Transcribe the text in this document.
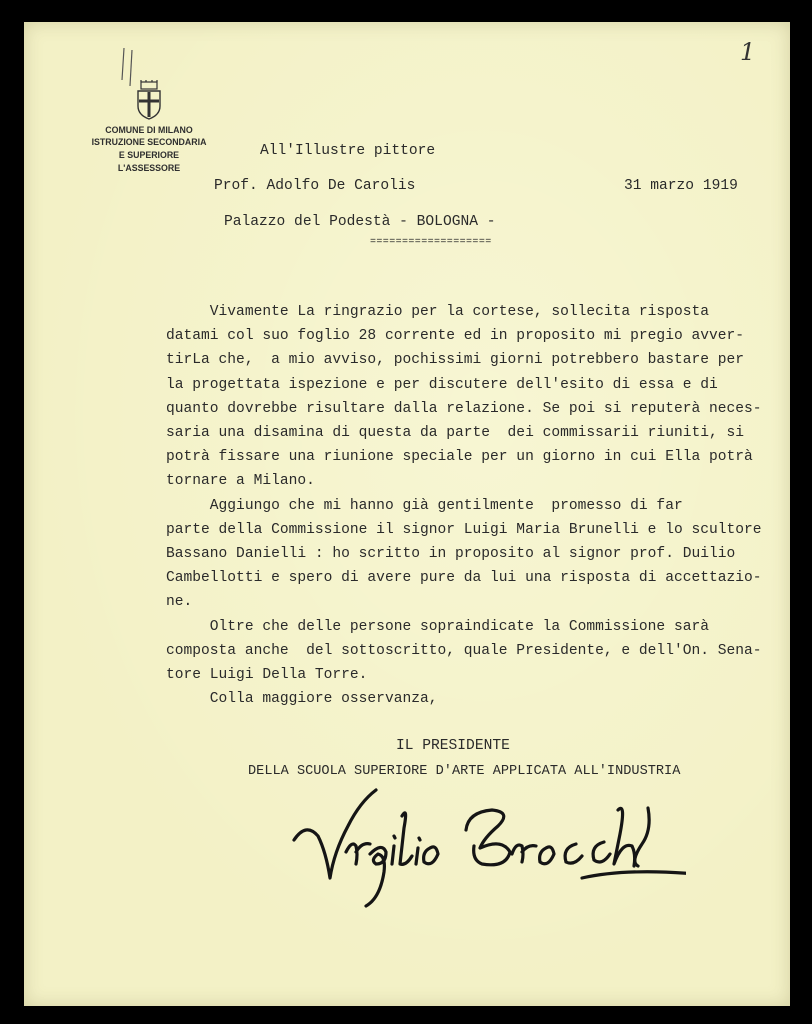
1
COMUNE DI MILANO
ISTRUZIONE SECONDARIA
E SUPERIORE
L'ASSESSORE
All'Illustre pittore
Prof. Adolfo De Carolis	31 marzo 1919
Palazzo del Podestà - BOLOGNA -
===================
Vivamente La ringrazio per la cortese, sollecita risposta
datami col suo foglio 28 corrente ed in proposito mi pregio avver-
tirLa che,  a mio avviso, pochissimi giorni potrebbero bastare per
la progettata ispezione e per discutere dell'esito di essa e di
quanto dovrebbe risultare dalla relazione. Se poi si reputerà neces-
saria una disamina di questa da parte  dei commissarii riuniti, si
potrà fissare una riunione speciale per un giorno in cui Ella potrà
tornare a Milano.
Aggiungo che mi hanno già gentilmente  promesso di far
parte della Commissione il signor Luigi Maria Brunelli e lo scultore
Bassano Danielli : ho scritto in proposito al signor prof. Duilio
Cambellotti e spero di avere pure da lui una risposta di accettazio-
ne.
Oltre che delle persone sopraindicate la Commissione sarà
composta anche  del sottoscritto, quale Presidente, e dell'On. Sena-
tore Luigi Della Torre.
Colla maggiore osservanza,
IL PRESIDENTE
DELLA SCUOLA SUPERIORE D'ARTE APPLICATA ALL'INDUSTRIA
